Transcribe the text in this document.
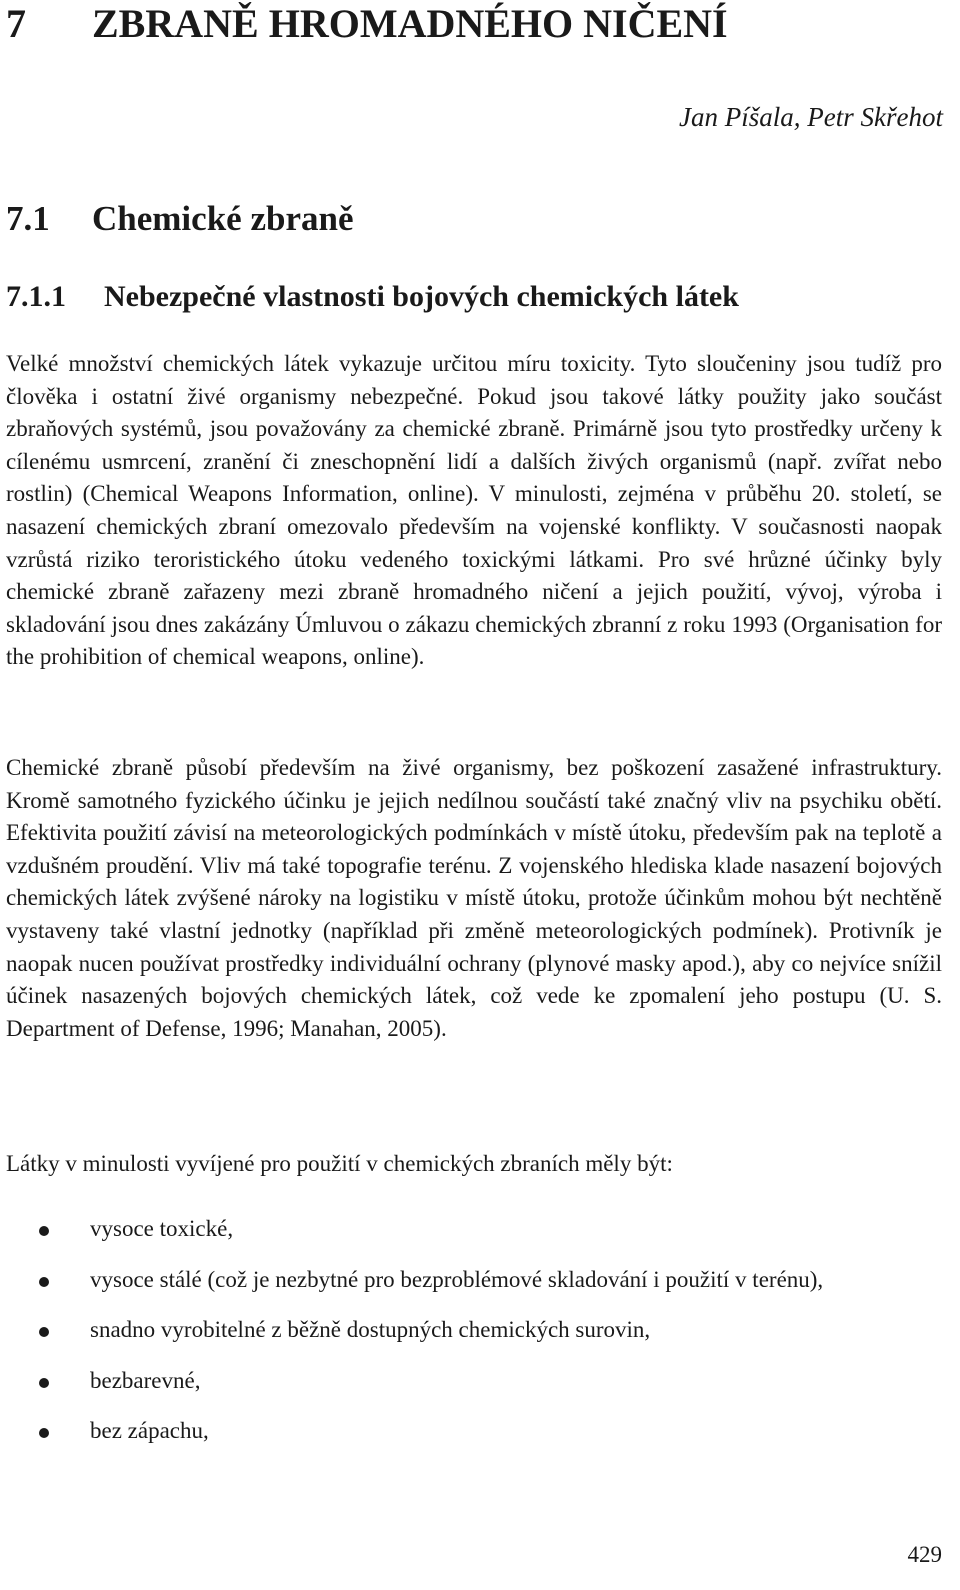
7 ZBRANĚ HROMADNÉHO NIČENÍ
Jan Píšala, Petr Skřehot
7.1 Chemické zbraně
7.1.1 Nebezpečné vlastnosti bojových chemických látek

Velké množství chemických látek vykazuje určitou míru toxicity. Tyto sloučeniny jsou tudíž pro člověka i ostatní živé organismy nebezpečné. Pokud jsou takové látky použity jako součást zbraňových systémů, jsou považovány za chemické zbraně. Primárně jsou tyto prostředky určeny k cílenému usmrcení, zranění či zneschopnění lidí a dalších živých organismů (např. zvířat nebo rostlin) (Chemical Weapons Information, online). V minulosti, zejména v průběhu 20. století, se nasazení chemických zbraní omezovalo především na vojenské konflikty. V současnosti naopak vzrůstá riziko teroristického útoku vedeného toxickými látkami. Pro své hrůzné účinky byly chemické zbraně zařazeny mezi zbraně hromadného ničení a jejich použití, vývoj, výroba i skladování jsou dnes zakázány Úmluvou o zákazu chemických zbranní z roku 1993 (Organisation for the prohibition of chemical weapons, online).

Chemické zbraně působí především na živé organismy, bez poškození zasažené infrastruktury. Kromě samotného fyzického účinku je jejich nedílnou součástí také značný vliv na psychiku obětí. Efektivita použití závisí na meteorologických podmínkách v místě útoku, především pak na teplotě a vzdušném proudění. Vliv má také topografie terénu. Z vojenského hlediska klade nasazení bojových chemických látek zvýšené nároky na logistiku v místě útoku, protože účinkům mohou být nechtěně vystaveny také vlastní jednotky (například při změně meteorologických podmínek). Protivník je naopak nucen používat prostředky individuální ochrany (plynové masky apod.), aby co nejvíce snížil účinek nasazených bojových chemických látek, což vede ke zpomalení jeho postupu (U. S. Department of Defense, 1996; Manahan, 2005).

Látky v minulosti vyvíjené pro použití v chemických zbraních měly být:

vysoce toxické,
vysoce stálé (což je nezbytné pro bezproblémové skladování i použití v terénu),
snadno vyrobitelné z běžně dostupných chemických surovin,
bezbarevné,
bez zápachu,
429
